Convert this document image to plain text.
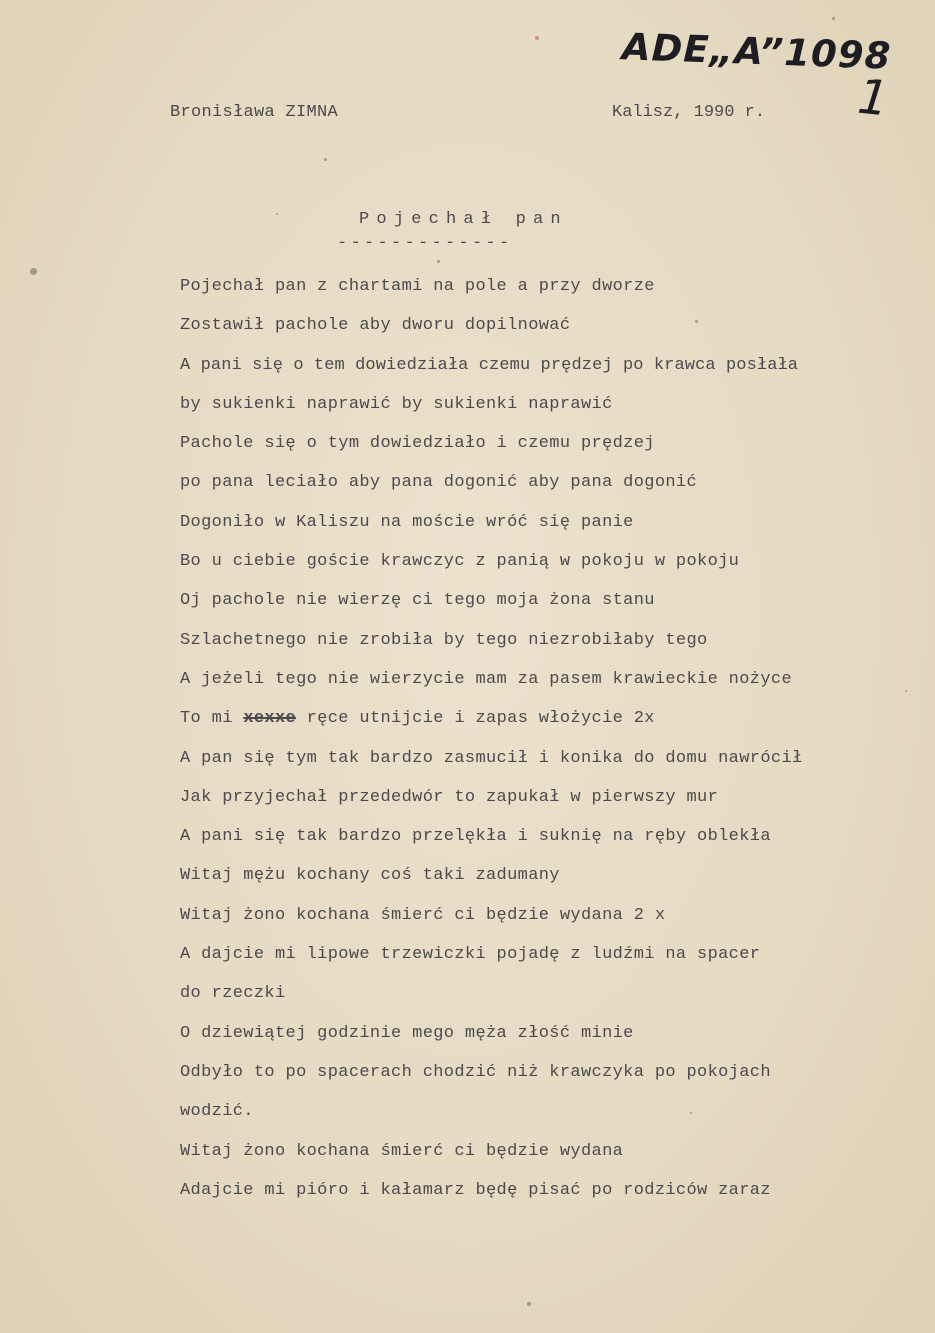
ADE„A”1098
1
Bronisława ZIMNA	Kalisz, 1990 r.
Pojechał pan
-------------
Pojechał pan z chartami na pole a przy dworze
Zostawił pachole aby dworu dopilnować
A pani się o tem dowiedziała czemu prędzej po krawca posłała
by sukienki naprawić by sukienki naprawić
Pachole się o tym dowiedziało i czemu prędzej
po pana leciało aby pana dogonić aby pana dogonić
Dogoniło w Kaliszu na moście wróć się panie
Bo u ciebie goście krawczyc z panią w pokoju w pokoju
Oj pachole nie wierzę ci tego moja żona stanu
Szlachetnego nie zrobiła by tego niezrobiłaby tego
A jeżeli tego nie wierzycie mam za pasem krawieckie nożyce
To mi xexxe ręce utnijcie i zapas włożycie 2x
A pan się tym tak bardzo zasmucił i konika do domu nawrócił
Jak przyjechał przededwór to zapukał w pierwszy mur
A pani się tak bardzo przelękła i suknię na ręby oblekła
Witaj mężu kochany coś taki zadumany
Witaj żono kochana śmierć ci będzie wydana 2 x
A dajcie mi lipowe trzewiczki pojadę z ludźmi na spacer
do rzeczki
O dziewiątej godzinie mego męża złość minie
Odbyło to po spacerach chodzić niż krawczyka po pokojach
wodzić.
Witaj żono kochana śmierć ci będzie wydana
Adajcie mi pióro i kałamarz będę pisać po rodziców zaraz
